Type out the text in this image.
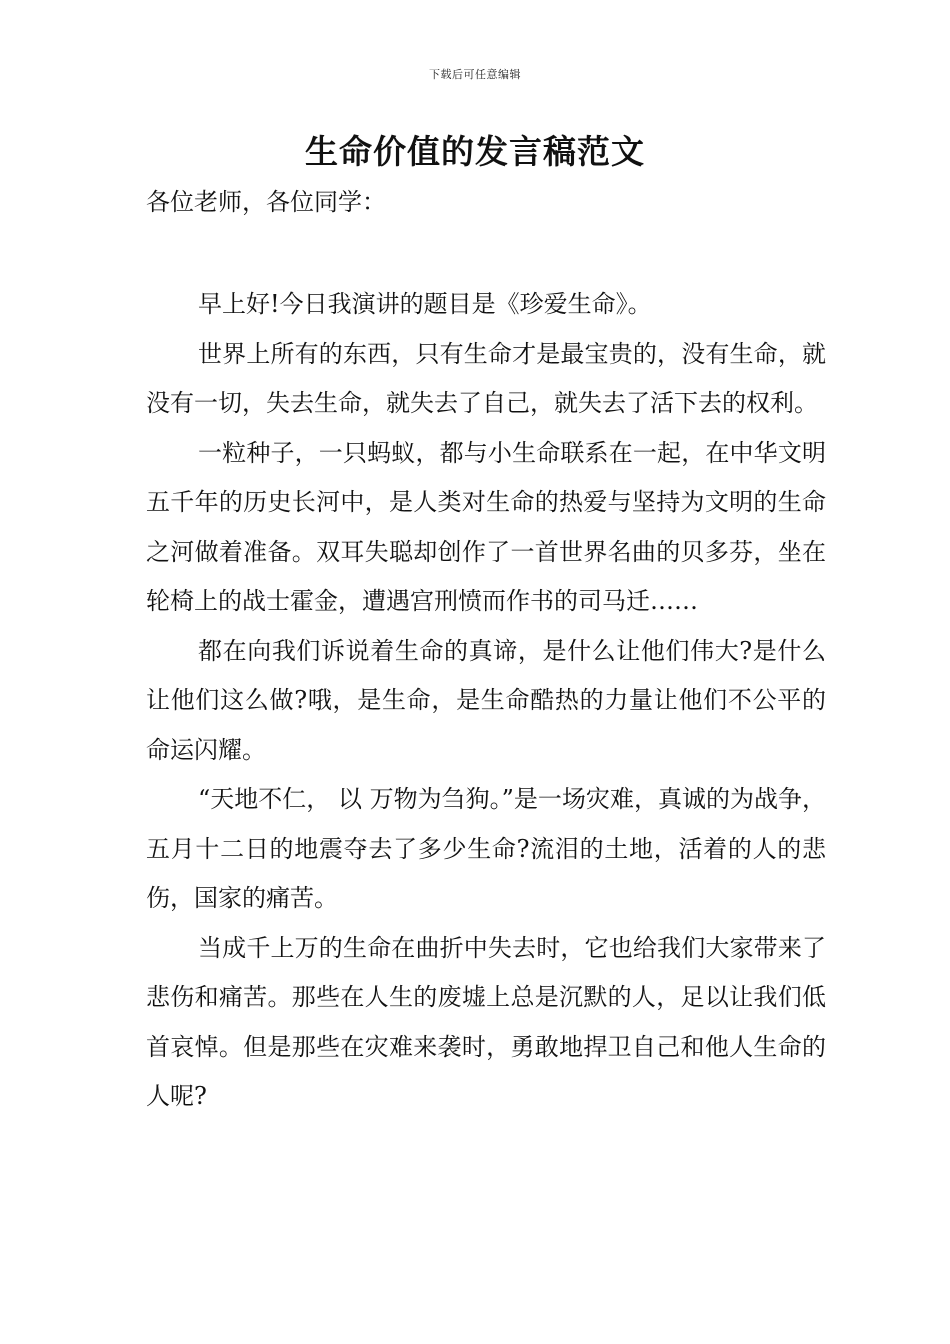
下载后可任意编辑
生命价值的发言稿范文

各位老师，各位同学：

早上好!今日我演讲的题目是《珍爱生命》。

世界上所有的东西，只有生命才是最宝贵的，没有生命，就没有一切，失去生命，就失去了自己，就失去了活下去的权利。

一粒种子，一只蚂蚁，都与小生命联系在一起，在中华文明五千年的历史长河中，是人类对生命的热爱与坚持为文明的生命之河做着准备。双耳失聪却创作了一首世界名曲的贝多芬，坐在轮椅上的战士霍金，遭遇宫刑愤而作书的司马迁……

都在向我们诉说着生命的真谛，是什么让他们伟大?是什么让他们这么做?哦，是生命，是生命酷热的力量让他们不公平的命运闪耀。

“天地不仁， 以 万物为刍狗。”是一场灾难，真诚的为战争，五月十二日的地震夺去了多少生命?流泪的土地，活着的人的悲伤，国家的痛苦。

当成千上万的生命在曲折中失去时，它也给我们大家带来了悲伤和痛苦。那些在人生的废墟上总是沉默的人，足以让我们低首哀悼。但是那些在灾难来袭时，勇敢地捍卫自己和他人生命的人呢?
